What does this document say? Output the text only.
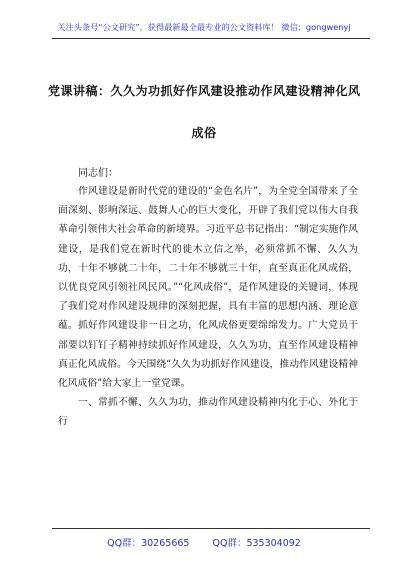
关注头条号“公文研究”，获得最新最全最专业的公文资料库！ 微信：gongwenyj
党课讲稿：久久为功抓好作风建设推动作风建设精神化风
成俗
同志们：

作风建设是新时代党的建设的“金色名片”，为全党全国带来了全面深刻、影响深远、鼓舞人心的巨大变化，开辟了我们党以伟大自我革命引领伟大社会革命的新境界。习近平总书记指出：“制定实施作风建设，是我们党在新时代的徙木立信之举，必须常抓不懈、久久为功，十年不够就二十年，二十年不够就三十年，直至真正化风成俗，以优良党风引领社风民风。”“化风成俗”，是作风建设的关键词，体现了我们党对作风建设规律的深刻把握，具有丰富的思想内涵、理论意蕴。抓好作风建设非一日之功，化风成俗更要绵绵发力。广大党员干部要以钉钉子精神持续抓好作风建设，久久为功，直至作风建设精神真正化风成俗。今天围绕“久久为功抓好作风建设，推动作风建设精神化风成俗”给大家上一堂党课。

一、常抓不懈、久久为功，推动作风建设精神内化于心、外化于行

QQ群：30265665 QQ群：535304092
